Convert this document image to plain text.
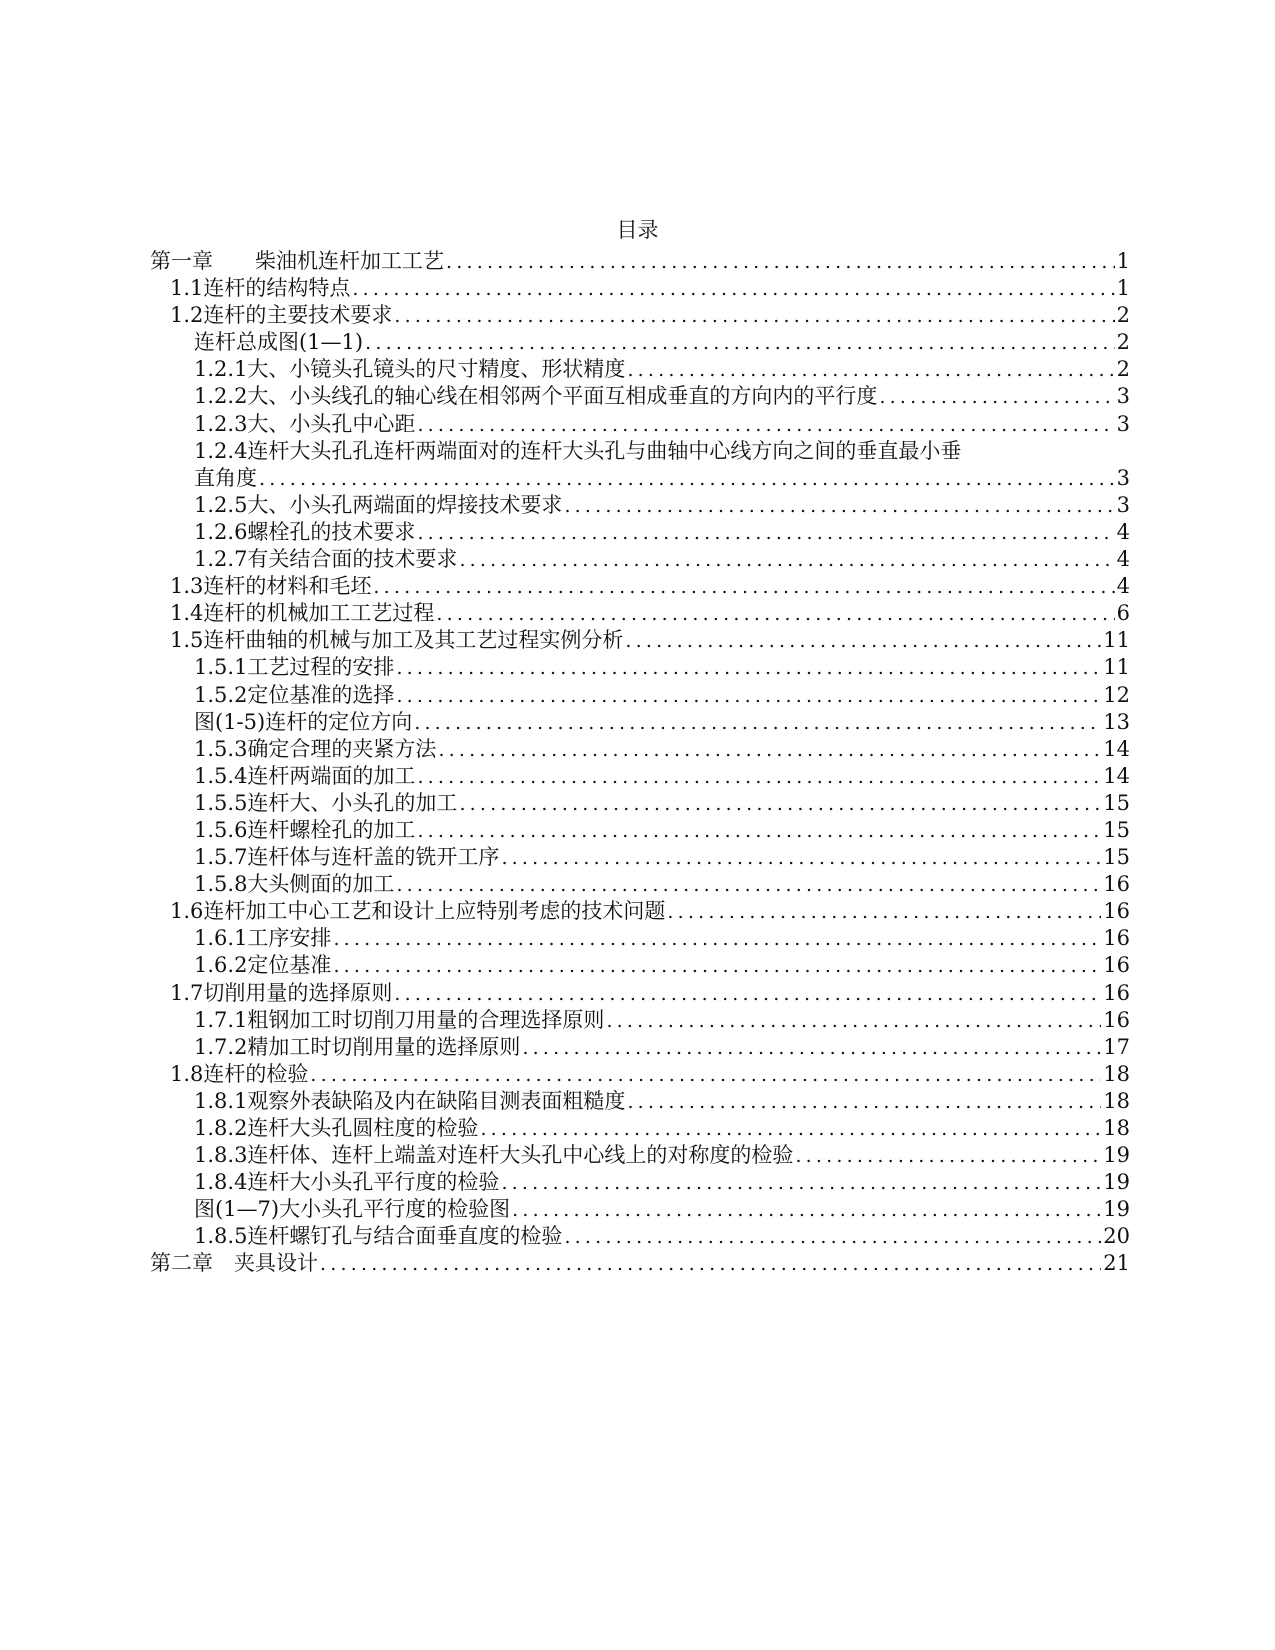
目录
第一章　　柴油机连杆加工工艺 .....	1
1.1连杆的结构特点 .....	1
1.2连杆的主要技术要求 .....	2
连杆总成图(1—1) .....	2
1.2.1大、小镜头孔镜头的尺寸精度、形状精度 .....	2
1.2.2大、小头线孔的轴心线在相邻两个平面互相成垂直的方向内的平行度 .....	3
1.2.3大、小头孔中心距 .....	3
1.2.4连杆大头孔孔连杆两端面对的连杆大头孔与曲轴中心线方向之间的垂直最小垂
直角度 .....	3
1.2.5大、小头孔两端面的焊接技术要求 .....	3
1.2.6螺栓孔的技术要求 .....	4
1.2.7有关结合面的技术要求 .....	4
1.3连杆的材料和毛坯 .....	4
1.4连杆的机械加工工艺过程 .....	6
1.5连杆曲轴的机械与加工及其工艺过程实例分析 .....	11
1.5.1工艺过程的安排 .....	11
1.5.2定位基准的选择 .....	12
图(1-5)连杆的定位方向 .....	13
1.5.3确定合理的夹紧方法 .....	14
1.5.4连杆两端面的加工 .....	14
1.5.5连杆大、小头孔的加工 .....	15
1.5.6连杆螺栓孔的加工 .....	15
1.5.7连杆体与连杆盖的铣开工序 .....	15
1.5.8大头侧面的加工 .....	16
1.6连杆加工中心工艺和设计上应特别考虑的技术问题 .....	16
1.6.1工序安排 .....	16
1.6.2定位基准 .....	16
1.7切削用量的选择原则 .....	16
1.7.1粗钢加工时切削刀用量的合理选择原则 .....	16
1.7.2精加工时切削用量的选择原则 .....	17
1.8连杆的检验 .....	18
1.8.1观察外表缺陷及内在缺陷目测表面粗糙度 .....	18
1.8.2连杆大头孔圆柱度的检验 .....	18
1.8.3连杆体、连杆上端盖对连杆大头孔中心线上的对称度的检验 .....	19
1.8.4连杆大小头孔平行度的检验 .....	19
图(1—7)大小头孔平行度的检验图 .....	19
1.8.5连杆螺钉孔与结合面垂直度的检验 .....	20
第二章　夹具设计 .....	21
